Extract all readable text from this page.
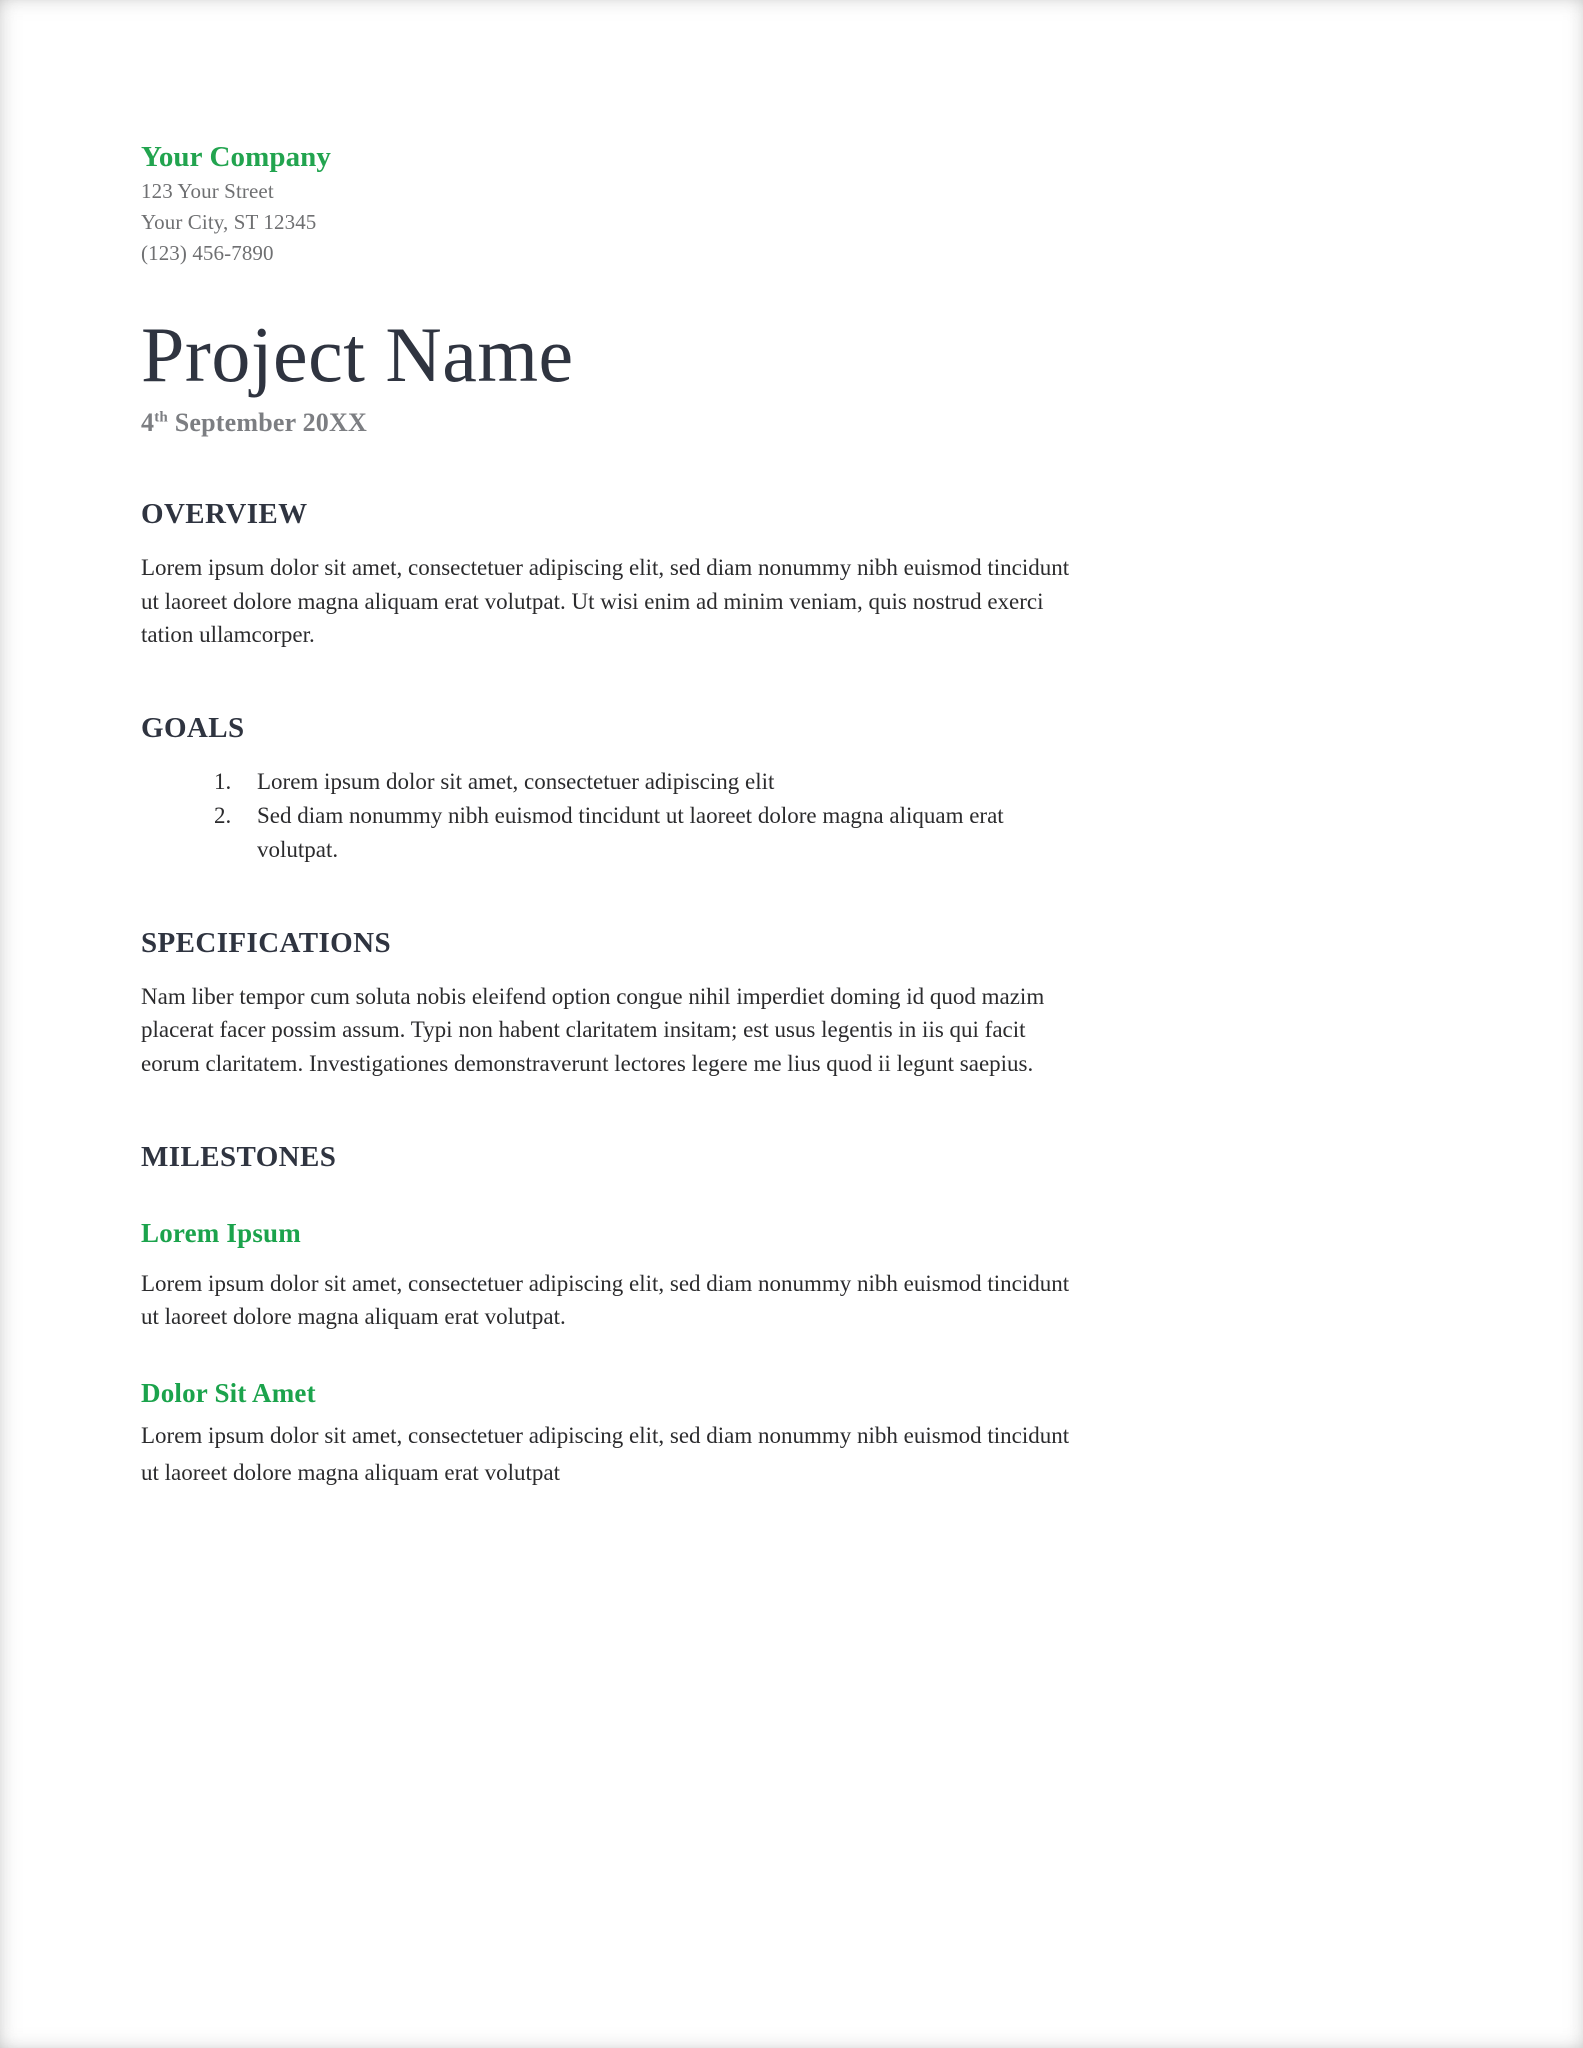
Your Company
123 Your Street
Your City, ST 12345
(123) 456-7890
Project Name
4th September 20XX
OVERVIEW

Lorem ipsum dolor sit amet, consectetuer adipiscing elit, sed diam nonummy nibh euismod tincidunt ut laoreet dolore magna aliquam erat volutpat. Ut wisi enim ad minim veniam, quis nostrud exerci tation ullamcorper.

GOALS
1. Lorem ipsum dolor sit amet, consectetuer adipiscing elit
2. Sed diam nonummy nibh euismod tincidunt ut laoreet dolore magna aliquam erat volutpat.
SPECIFICATIONS

Nam liber tempor cum soluta nobis eleifend option congue nihil imperdiet doming id quod mazim placerat facer possim assum. Typi non habent claritatem insitam; est usus legentis in iis qui facit eorum claritatem. Investigationes demonstraverunt lectores legere me lius quod ii legunt saepius.

MILESTONES
Lorem Ipsum

Lorem ipsum dolor sit amet, consectetuer adipiscing elit, sed diam nonummy nibh euismod tincidunt ut laoreet dolore magna aliquam erat volutpat.

Dolor Sit Amet

Lorem ipsum dolor sit amet, consectetuer adipiscing elit, sed diam nonummy nibh euismod tincidunt ut laoreet dolore magna aliquam erat volutpat
